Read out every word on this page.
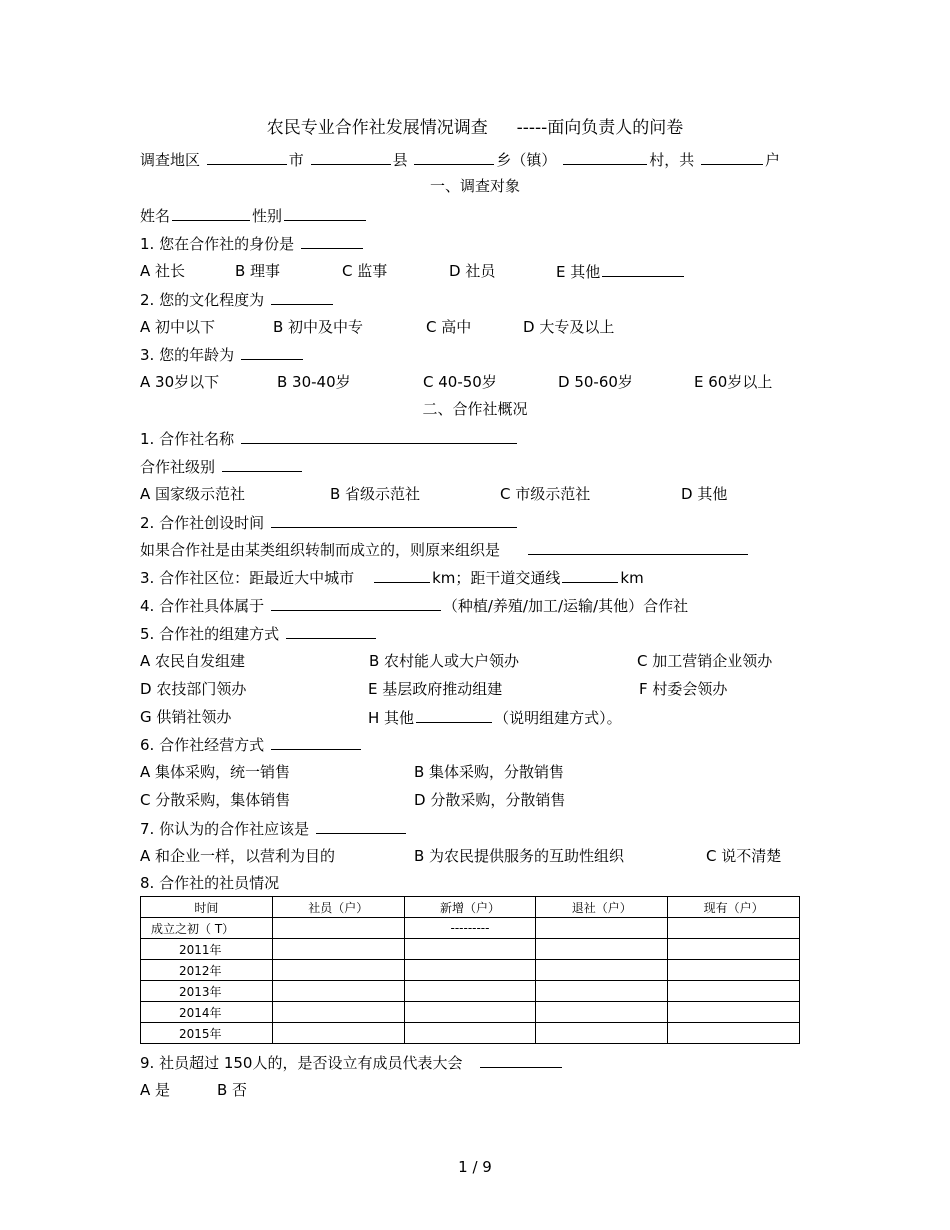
农民专业合作社发展情况调查 -----面向负责人的问卷
调查地区	市	县	乡（镇）	村，共	户
一、调查对象
姓名	性别
1. 您在合作社的身份是
A 社长	B 理事	C 监事	D 社员	E 其他
2. 您的文化程度为
A 初中以下	B 初中及中专	C 高中	D 大专及以上
3. 您的年龄为
A 30岁以下	B 30-40岁	C 40-50岁	D 50-60岁	E 60岁以上
二、合作社概况
1. 合作社名称
合作社级别
A 国家级示范社	B 省级示范社	C 市级示范社	D 其他
2. 合作社创设时间
如果合作社是由某类组织转制而成立的，则原来组织是
3. 合作社区位：距最近大中城市	km；距干道交通线	km
4. 合作社具体属于	（种植/养殖/加工/运输/其他）合作社
5. 合作社的组建方式
A 农民自发组建	B 农村能人或大户领办	C 加工营销企业领办
D 农技部门领办	E 基层政府推动组建	F 村委会领办
G 供销社领办	H 其他	（说明组建方式）。
6. 合作社经营方式
A 集体采购，统一销售	B 集体采购，分散销售
C 分散采购，集体销售	D 分散采购，分散销售
7. 你认为的合作社应该是
A 和企业一样，以营利为目的	B 为农民提供服务的互助性组织	C 说不清楚
8. 合作社的社员情况
时间	社员（户）	新增（户）	退社（户）	现有（户）
成立之初（ T）		---------		
2011年				
2012年				
2013年				
2014年				
2015年				
9. 社员超过 150人的，是否设立有成员代表大会
A 是	B 否
1 / 9
